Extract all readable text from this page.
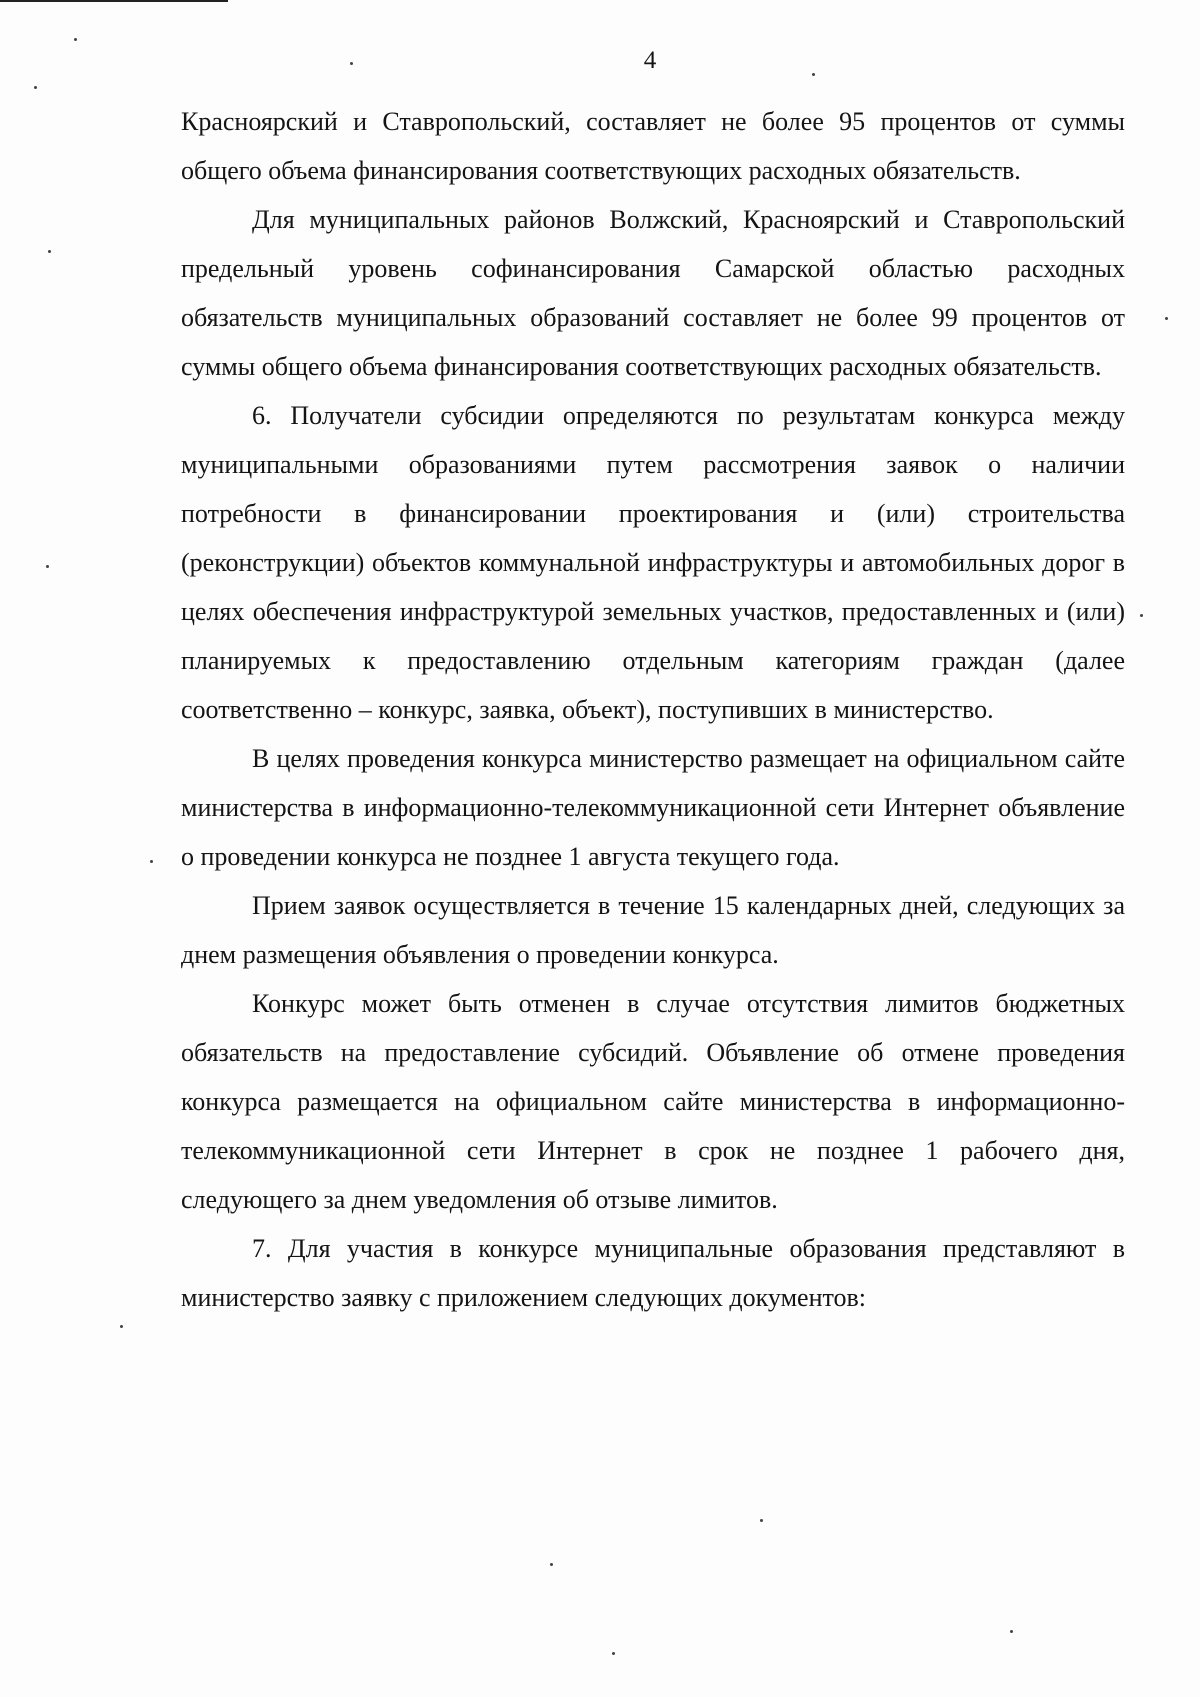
4

Красноярский и Ставропольский, составляет не более 95 процентов от суммы общего объема финансирования соответствующих расходных обязательств.

Для муниципальных районов Волжский, Красноярский и Ставропольский предельный уровень софинансирования Самарской областью расходных обязательств муниципальных образований составляет не более 99 процентов от суммы общего объема финансирования соответствующих расходных обязательств.

6. Получатели субсидии определяются по результатам конкурса между муниципальными образованиями путем рассмотрения заявок о наличии потребности в финансировании проектирования и (или) строительства (реконструкции) объектов коммунальной инфраструктуры и автомобильных дорог в целях обеспечения инфраструктурой земельных участков, предоставленных и (или) планируемых к предоставлению отдельным категориям граждан (далее соответственно – конкурс, заявка, объект), поступивших в министерство.

В целях проведения конкурса министерство размещает на официальном сайте министерства в информационно-телекоммуникационной сети Интернет объявление о проведении конкурса не позднее 1 августа текущего года.

Прием заявок осуществляется в течение 15 календарных дней, следующих за днем размещения объявления о проведении конкурса.

Конкурс может быть отменен в случае отсутствия лимитов бюджетных обязательств на предоставление субсидий. Объявление об отмене проведения конкурса размещается на официальном сайте министерства в информационно-телекоммуникационной сети Интернет в срок не позднее 1 рабочего дня, следующего за днем уведомления об отзыве лимитов.

7. Для участия в конкурсе муниципальные образования представляют в министерство заявку с приложением следующих документов:
